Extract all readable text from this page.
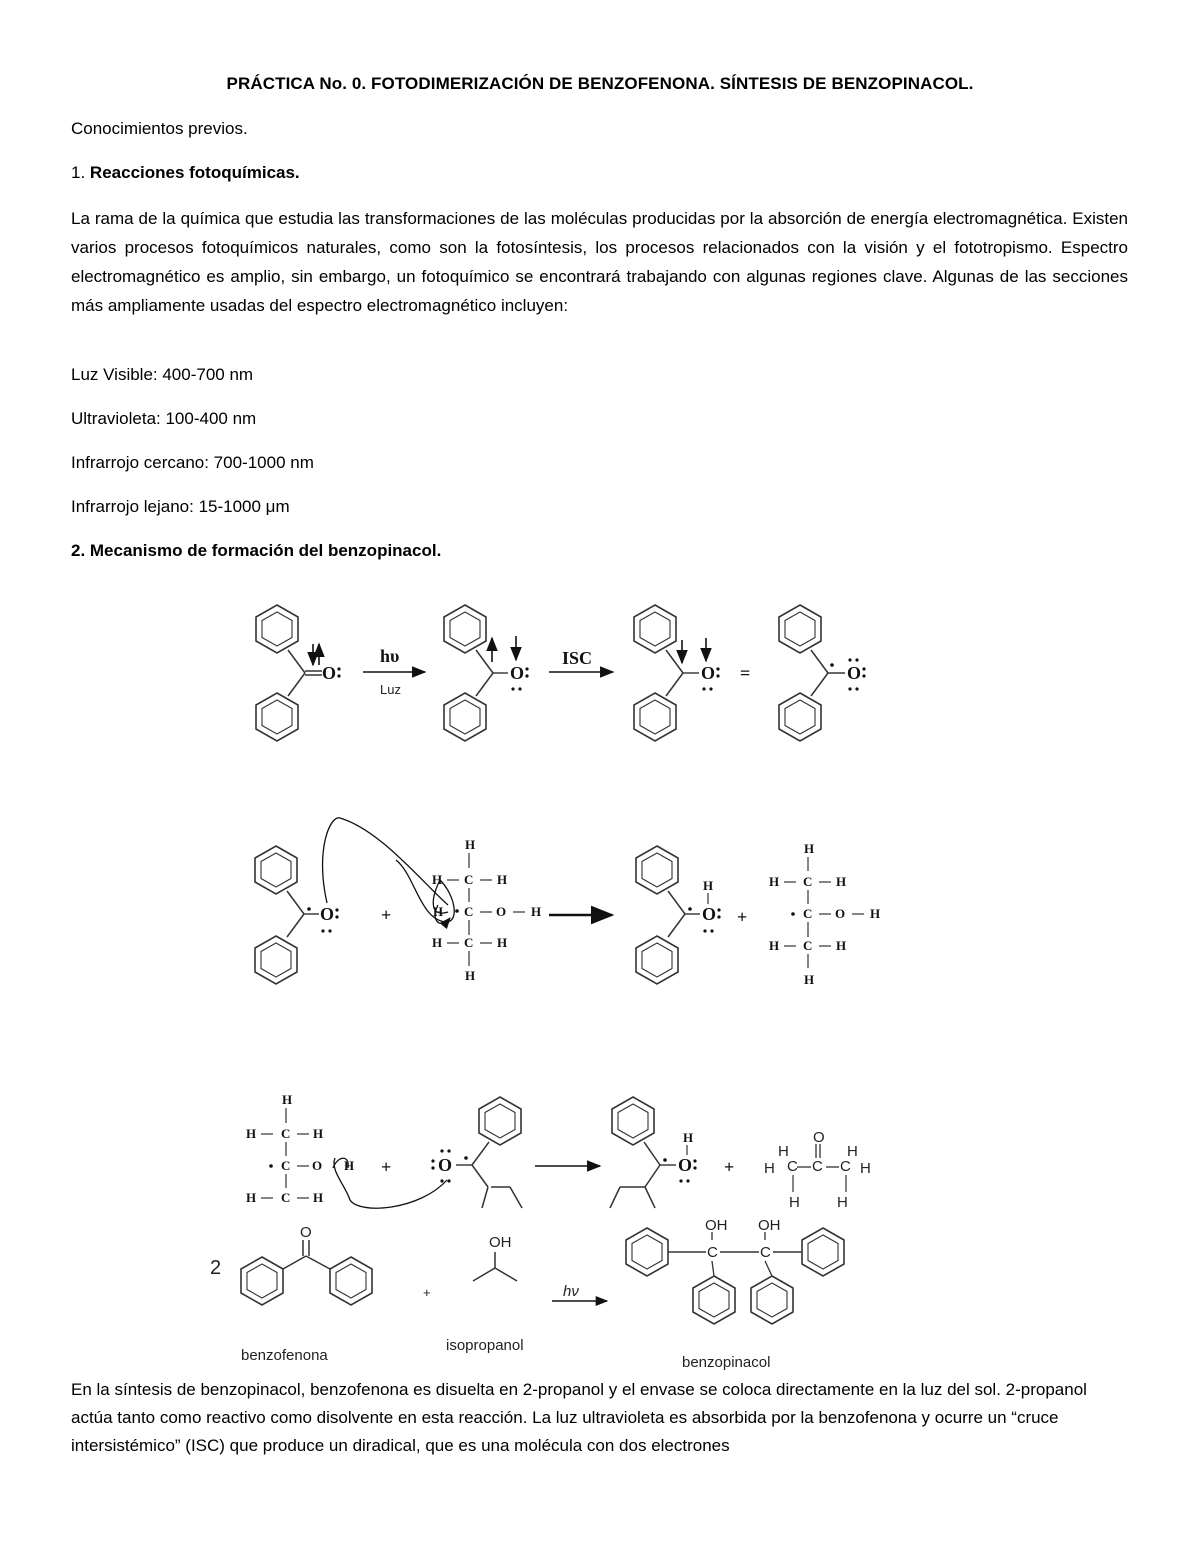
PRÁCTICA No. 0. FOTODIMERIZACIÓN DE BENZOFENONA. SÍNTESIS DE BENZOPINACOL.
Conocimientos previos.
1. Reacciones fotoquímicas.
La rama de la química que estudia las transformaciones de las moléculas producidas por la absorción de energía electromagnética. Existen varios procesos fotoquímicos naturales, como son la fotosíntesis, los procesos relacionados con la visión y el fototropismo. Espectro electromagnético es amplio, sin embargo, un fotoquímico se encontrará trabajando con algunas regiones clave. Algunas de las secciones más ampliamente usadas del espectro electromagnético incluyen:
Luz Visible: 400-700 nm
Ultravioleta: 100-400 nm
Infrarrojo cercano: 700-1000 nm
Infrarrojo lejano: 15-1000 μm
2. Mecanismo de formación del benzopinacol.
O
hυ
Luz
O
ISC
O =	O
O	+
H
H C H
H C O H
H C H
H
H
O +
H
H C H
C O H
H C H
H
H
H C H
C O H
H C H
+	O
H
O +
O
C
C	C
H
H
H
H
H
H
2
O
+
OH
hν
C	C
OH OH
benzofenona
isopropanol
benzopinacol
En la síntesis de benzopinacol, benzofenona es disuelta en 2-propanol y el envase se coloca directamente en la luz del sol. 2-propanol actúa tanto como reactivo como disolvente en esta reacción. La luz ultravioleta es absorbida por la benzofenona y ocurre un “cruce intersistémico” (ISC) que produce un diradical, que es una molécula con dos electrones
